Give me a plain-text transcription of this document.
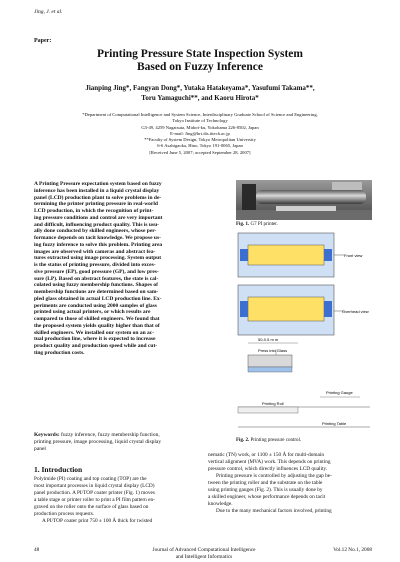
Jing, J. et al.
Paper:
Printing Pressure State Inspection System
Based on Fuzzy Inference
Jianping Jing*, Fangyan Dong*, Yutaka Hatakeyama*, Yasufumi Takama**,
Toru Yamaguchi**, and Kaoru Hirota*
*Department of Computational Intelligence and System Science, Interdisciplinary Graduate School of Science and Engineering,
Tokyo Institute of Technology
G3-49, 4259 Nagatsuta, Midori-ku, Yokohama 226-8502, Japan
E-mail: Jing@hrt.dis.titech.ac.jp
**Faculty of System Design, Tokyo Metropolitan University
6-6 Asahigaoka, Hino, Tokyo 191-0065, Japan
[Received June 5, 2007; accepted September 28, 2007]
A Printing Pressure expectation system based on fuzzy
inference has been installed in a liquid crystal display
panel (LCD) production plant to solve problems in de-
termining the printer printing pressure in real-world
LCD production, in which the recognition of print-
ing pressure conditions and control are very important
and difficult, influencing product quality. This is usu-
ally done conducted by skilled engineers, whose per-
formance depends on tacit knowledge. We propose us-
ing fuzzy inference to solve this problem. Printing area
images are observed with cameras and abstract fea-
tures extracted using image processing. System output
is the status of printing pressure, divided into exces-
sive pressure (EP), good pressure (GP), and low pres-
sure (LP). Based on abstract features, the state is cal-
culated using fuzzy membership functions. Shapes of
membership functions are determined based on sam-
pled glass obtained in actual LCD production line. Ex-
periments are conducted using 2000 samples of glass
printed using actual printers, or which results are
compared to those of skilled engineers. We found that
the proposed system yields quality higher than that of
skilled engineers. We installed our system on an ac-
tual production line, where it is expected to increase
product quality and production speed while and cut-
ting production costs.
Keywords: fuzzy inference, fuzzy membership function,
printing pressure, image processing, liquid crystal display
panel
1. Introduction
Polyimide (PI) coating and top coating (TOP) are the
most important processes in liquid crystal display (LCD)
panel production. A PI/TOP coater printer (Fig. 1) moves
a table stage or printer roller to print a PI film pattern en-
graved on the roller onto the surface of glass based on
production process requests.
A PI/TOP coater print 750 ± 100 Å thick for twisted
nematic (TN) work, or 1100 ± 150 Å for multi-domain
vertical alignment (MVA) work. This depends on printing
pressure control, which directly influences LCD quality.
Printing pressure is controlled by adjusting the gap be-
tween the printing roller and the substrate on the table
using printing gauges (Fig. 2). This is usually done by
a skilled engineer, whose performance depends on tacit
knowledge.
Due to the many mechanical factors involved, printing
Fig. 1. G7 PI printer.
Front view
Overhead view
50-0.5 m m
Press into Glass
Printing Gauge
Printing Roll
Printing Table
Fig. 2. Printing pressure control.
48	Journal of Advanced Computational Intelligence
and Intelligent Informatics
Vol.12 No.1, 2008
